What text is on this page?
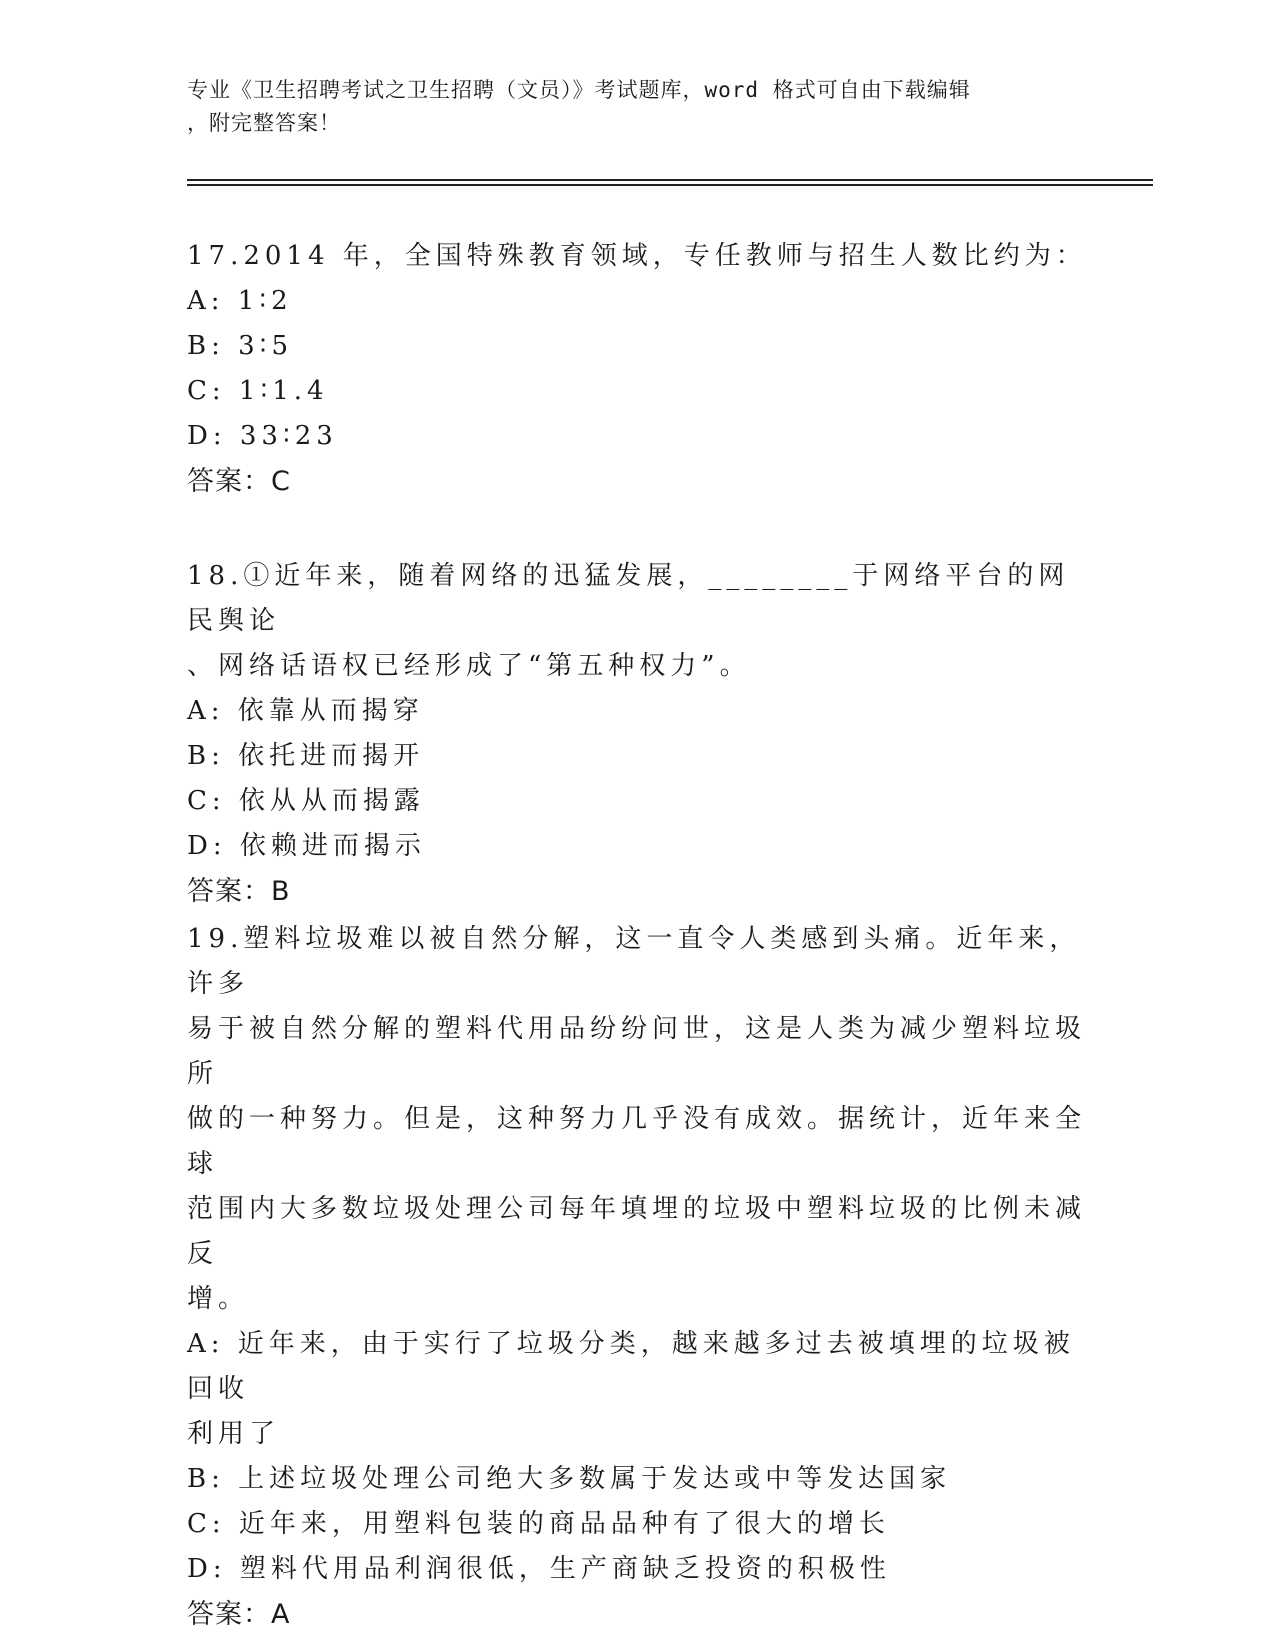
专业《卫生招聘考试之卫生招聘（文员）》考试题库，word 格式可自由下载编辑
，附完整答案！

17.2014 年，全国特殊教育领域，专任教师与招生人数比约为：

A: 1∶2

B: 3∶5

C: 1∶1.4

D: 33∶23

答案：C

18.①近年来，随着网络的迅猛发展，________于网络平台的网民舆论

、网络话语权已经形成了“第五种权力”。

A: 依靠从而揭穿

B: 依托进而揭开

C: 依从从而揭露

D: 依赖进而揭示

答案：B

19.塑料垃圾难以被自然分解，这一直令人类感到头痛。近年来，许多

易于被自然分解的塑料代用品纷纷问世，这是人类为减少塑料垃圾所

做的一种努力。但是，这种努力几乎没有成效。据统计，近年来全球

范围内大多数垃圾处理公司每年填埋的垃圾中塑料垃圾的比例未减反

增。

A: 近年来，由于实行了垃圾分类，越来越多过去被填埋的垃圾被回收

利用了

B: 上述垃圾处理公司绝大多数属于发达或中等发达国家

C: 近年来，用塑料包装的商品品种有了很大的增长

D: 塑料代用品利润很低，生产商缺乏投资的积极性

答案：A
